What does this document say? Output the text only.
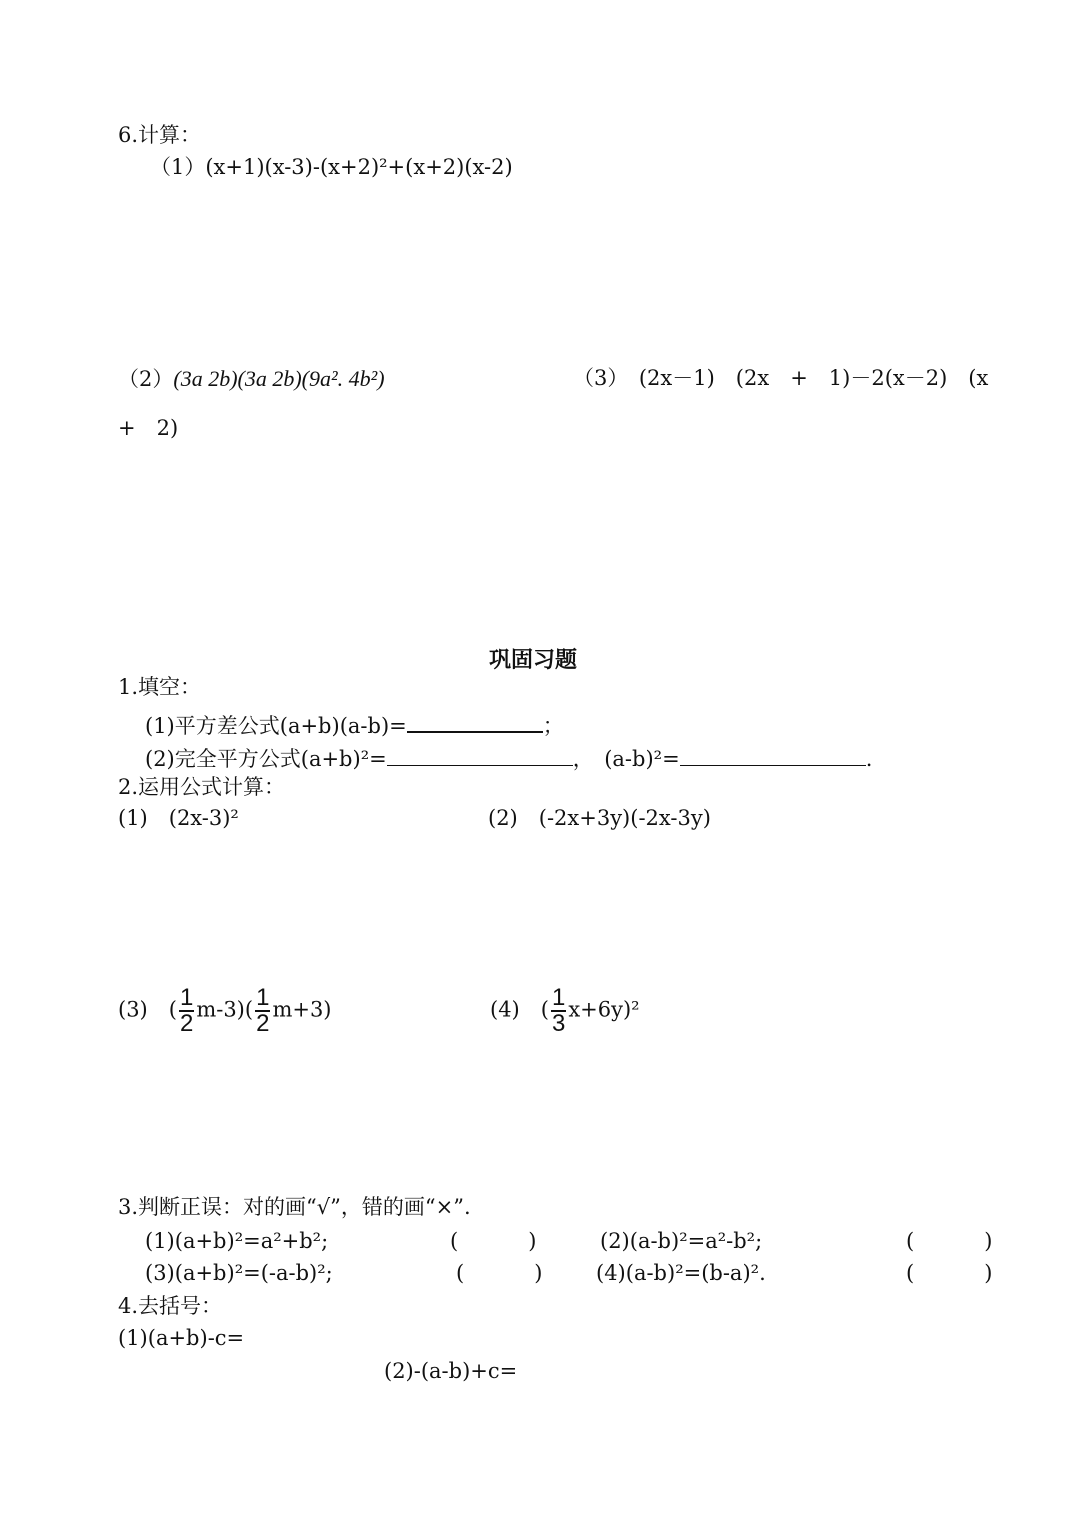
6.计算：
（1）(x+1)(x-3)-(x+2)²+(x+2)(x-2)
（2）(3a 2b)(3a 2b)(9a². 4b²)	（3）　(2x－1)　(2x　+　1)－2(x－2)　(x
+　2)
巩固习题
1.填空：
(1)平方差公式(a+b)(a-b)=	；
(2)完全平方公式(a+b)²=	，　(a-b)²=	.
2.运用公式计算：
(1)　(2x-3)²	(2)　(-2x+3y)(-2x-3y)
(3)　( $\frac{1}{2} m-3)( \frac{1}{2} m+3)$	(4)　( $\frac{1}{3} x+6y)^2$
3.判断正误：对的画“√”，错的画“×”.
(1)(a+b)²=a²+b²;	(	)	(2)(a-b)²=a²-b²;	(	)
(3)(a+b)²=(-a-b)²;	(	)	(4)(a-b)²=(b-a)².	(	)
4.去括号：
(1)(a+b)-c=
(2)-(a-b)+c=
